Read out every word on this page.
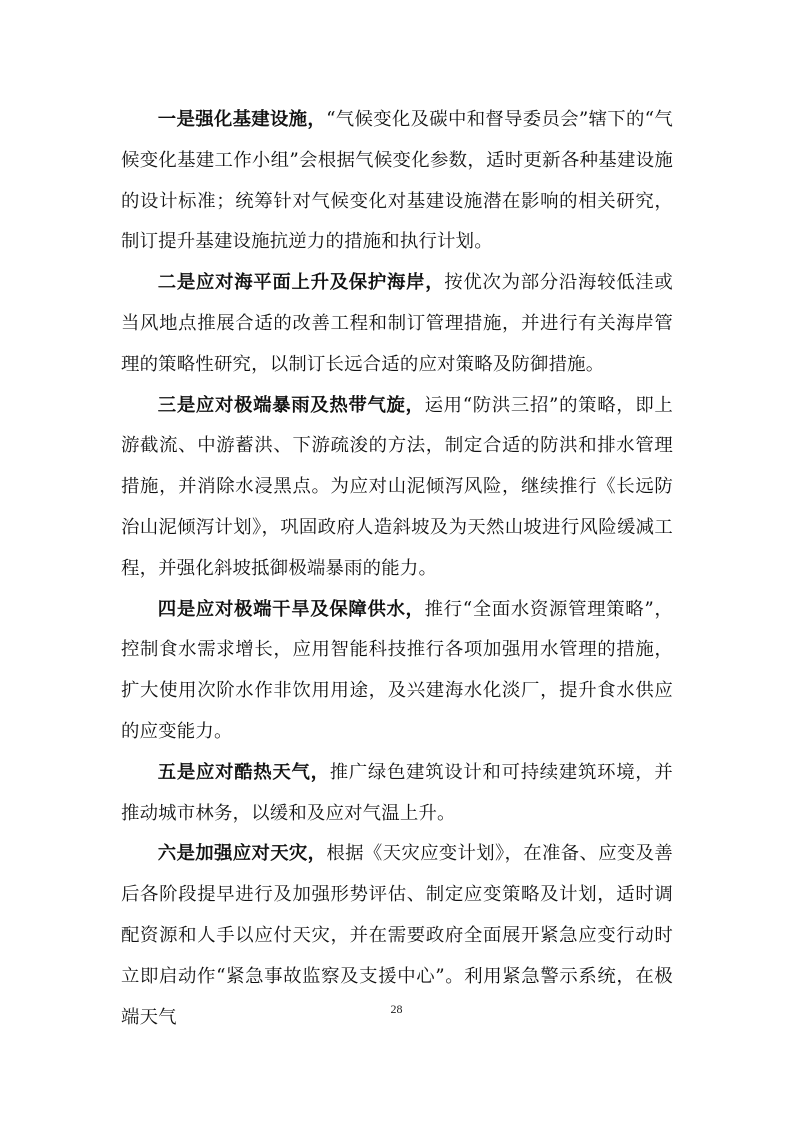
一是强化基建设施，“气候变化及碳中和督导委员会”辖下的“气候变化基建工作小组”会根据气候变化参数，适时更新各种基建设施的设计标准；统筹针对气候变化对基建设施潜在影响的相关研究，制订提升基建设施抗逆力的措施和执行计划。

二是应对海平面上升及保护海岸，按优次为部分沿海较低洼或当风地点推展合适的改善工程和制订管理措施，并进行有关海岸管理的策略性研究，以制订长远合适的应对策略及防御措施。

三是应对极端暴雨及热带气旋，运用“防洪三招”的策略，即上游截流、中游蓄洪、下游疏浚的方法，制定合适的防洪和排水管理措施，并消除水浸黑点。为应对山泥倾泻风险，继续推行《长远防治山泥倾泻计划》，巩固政府人造斜坡及为天然山坡进行风险缓减工程，并强化斜坡抵御极端暴雨的能力。

四是应对极端干旱及保障供水，推行“全面水资源管理策略”，控制食水需求增长，应用智能科技推行各项加强用水管理的措施，扩大使用次阶水作非饮用用途，及兴建海水化淡厂，提升食水供应的应变能力。

五是应对酷热天气，推广绿色建筑设计和可持续建筑环境，并推动城市林务，以缓和及应对气温上升。

六是加强应对天灾，根据《天灾应变计划》，在准备、应变及善后各阶段提早进行及加强形势评估、制定应变策略及计划，适时调配资源和人手以应付天灾，并在需要政府全面展开紧急应变行动时立即启动作“紧急事故监察及支援中心”。利用紧急警示系统，在极端天气	28
